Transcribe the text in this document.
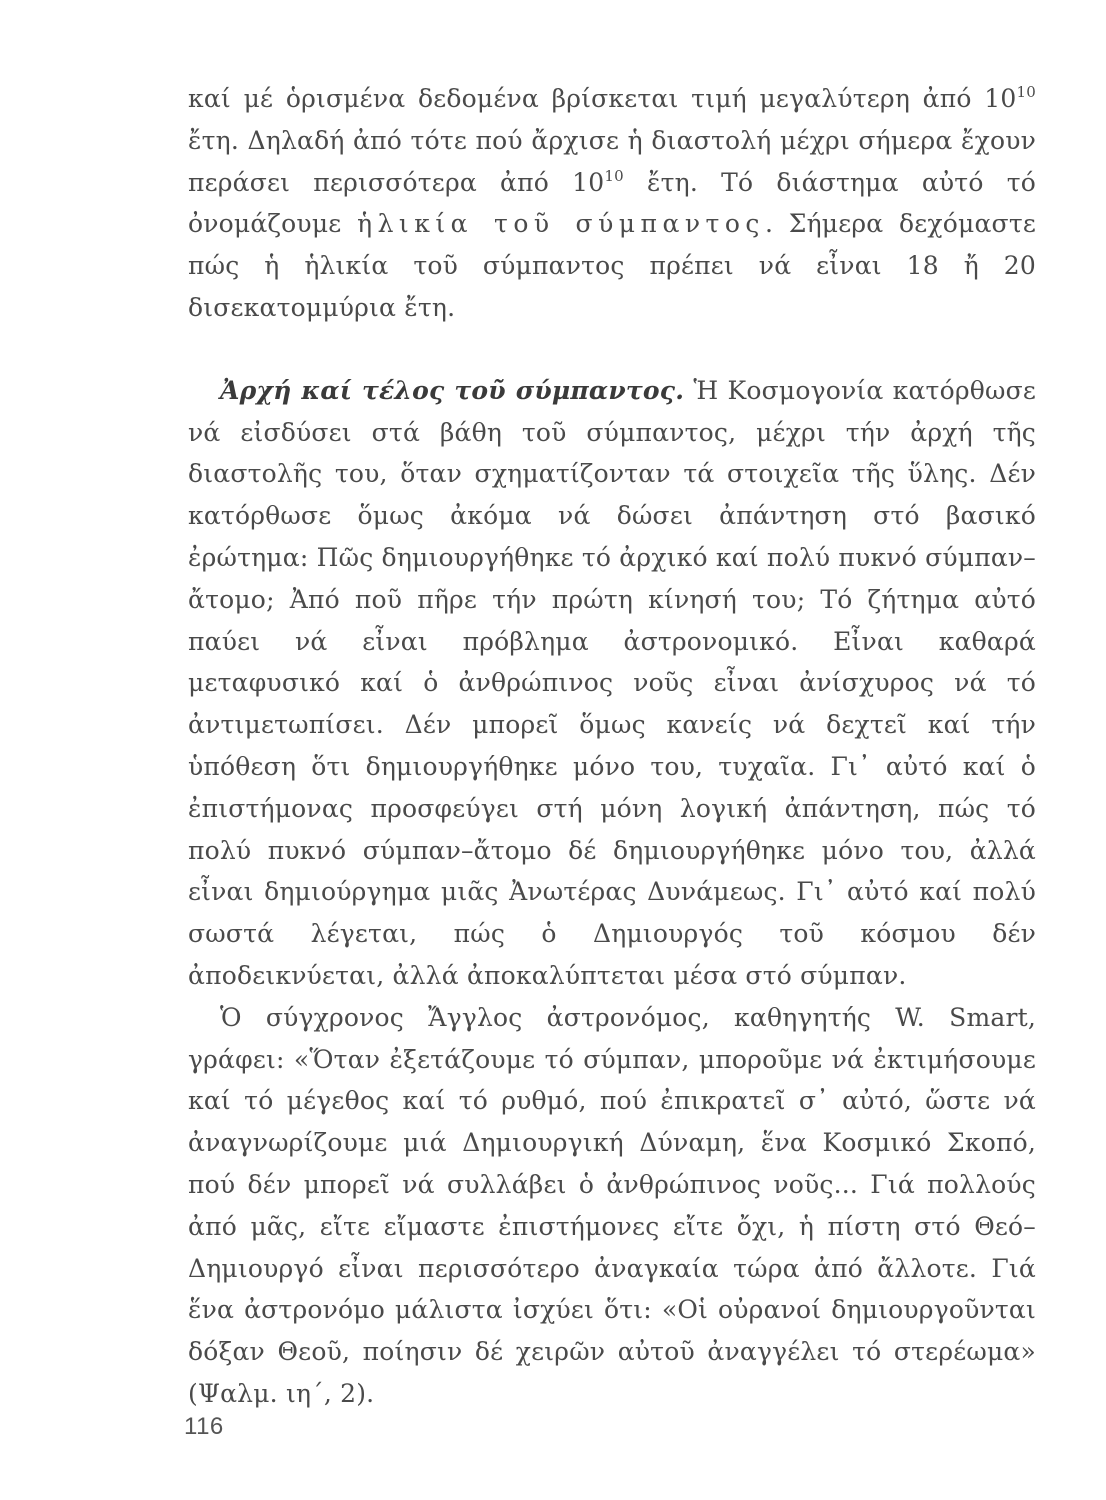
καί μέ ὁρισμένα δεδομένα βρίσκεται τιμή μεγαλύτερη ἀπό $10^{10}$ ἔτη. Δηλαδή ἀπό τότε πού ἄρχισε ἡ διαστολή μέχρι σήμερα ἔχουν περάσει περισσότερα ἀπό $10^{10}$ ἔτη. Τό διάστημα αὐτό τό ὀνομάζουμε ἡλικία τοῦ σύμπαντος. Σήμερα δεχόμαστε πώς ἡ ἡλικία τοῦ σύμπαντος πρέπει νά εἶναι 18 ἤ 20 δισεκατομμύρια ἔτη.

Ἀρχή καί τέλος τοῦ σύμπαντος. Ἡ Κοσμογονία κατόρθωσε νά εἰσδύσει στά βάθη τοῦ σύμπαντος, μέχρι τήν ἀρχή τῆς διαστολῆς του, ὅταν σχηματίζονταν τά στοιχεῖα τῆς ὕλης. Δέν κατόρθωσε ὅμως ἀκόμα νά δώσει ἀπάντηση στό βασικό ἐρώτημα: Πῶς δημιουργήθηκε τό ἀρχικό καί πολύ πυκνό σύμπαν–ἄτομο; Ἀπό ποῦ πῆρε τήν πρώτη κίνησή του; Τό ζήτημα αὐτό παύει νά εἶναι πρόβλημα ἀστρονομικό. Εἶναι καθαρά μεταφυσικό καί ὁ ἀνθρώπινος νοῦς εἶναι ἀνίσχυρος νά τό ἀντιμετωπίσει. Δέν μπορεῖ ὅμως κανείς νά δεχτεῖ καί τήν ὑπόθεση ὅτι δημιουργήθηκε μόνο του, τυχαῖα. Γι᾽ αὐτό καί ὁ ἐπιστήμονας προσφεύγει στή μόνη λογική ἀπάντηση, πώς τό πολύ πυκνό σύμπαν–ἄτομο δέ δημιουργήθηκε μόνο του, ἀλλά εἶναι δημιούργημα μιᾶς Ἀνωτέρας Δυνάμεως. Γι᾽ αὐτό καί πολύ σωστά λέγεται, πώς ὁ Δημιουργός τοῦ κόσμου δέν ἀποδεικνύεται, ἀλλά ἀποκαλύπτεται μέσα στό σύμπαν.

Ὁ σύγχρονος Ἄγγλος ἀστρονόμος, καθηγητής W. Smart, γράφει: «Ὅταν ἐξετάζουμε τό σύμπαν, μποροῦμε νά ἐκτιμήσουμε καί τό μέγεθος καί τό ρυθμό, πού ἐπικρατεῖ σ᾽ αὐτό, ὥστε νά ἀναγνωρίζουμε μιά Δημιουργική Δύναμη, ἕνα Κοσμικό Σκοπό, πού δέν μπορεῖ νά συλλάβει ὁ ἀνθρώπινος νοῦς... Γιά πολλούς ἀπό μᾶς, εἴτε εἴμαστε ἐπιστήμονες εἴτε ὄχι, ἡ πίστη στό Θεό–Δημιουργό εἶναι περισσότερο ἀναγκαία τώρα ἀπό ἄλλοτε. Γιά ἕνα ἀστρονόμο μάλιστα ἰσχύει ὅτι: «Οἱ οὐρανοί δημιουργοῦνται δόξαν Θεοῦ, ποίησιν δέ χειρῶν αὐτοῦ ἀναγγέλει τό στερέωμα» (Ψαλμ. ιη΄, 2).

116
